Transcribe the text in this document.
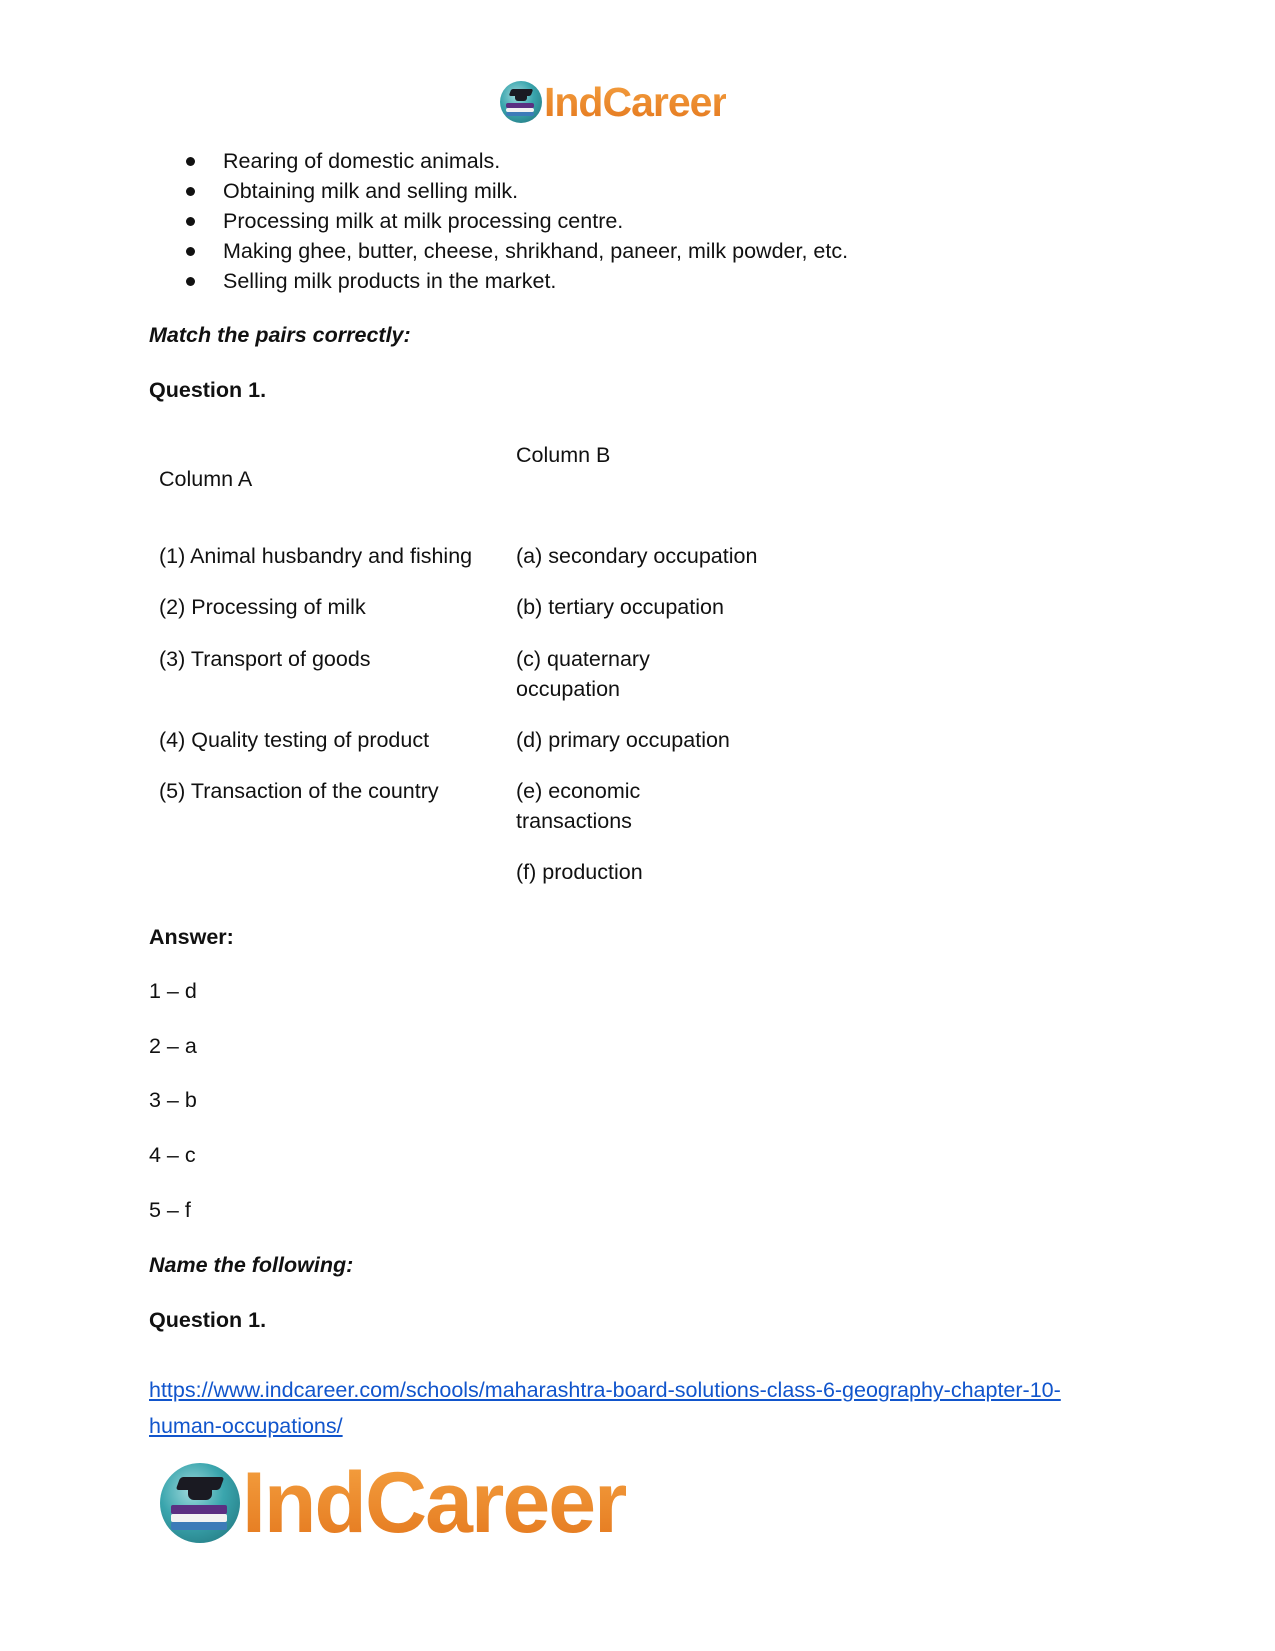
IndCareer
Rearing of domestic animals.
Obtaining milk and selling milk.
Processing milk at milk processing centre.
Making ghee, butter, cheese, shrikhand, paneer, milk powder, etc.
Selling milk products in the market.
Match the pairs correctly:
Question 1.
Column B
Column A
(1) Animal husbandry and fishing
(2) Processing of milk
(3) Transport of goods
(4) Quality testing of product
(5) Transaction of the country
(a) secondary occupation
(b) tertiary occupation
(c) quaternary
occupation
(d) primary occupation
(e) economic
transactions
(f) production
Answer:
1 – d
2 – a
3 – b
4 – c
5 – f
Name the following:
Question 1.
https://www.indcareer.com/schools/maharashtra-board-solutions-class-6-geography-chapter-10-
human-occupations/
IndCareer
